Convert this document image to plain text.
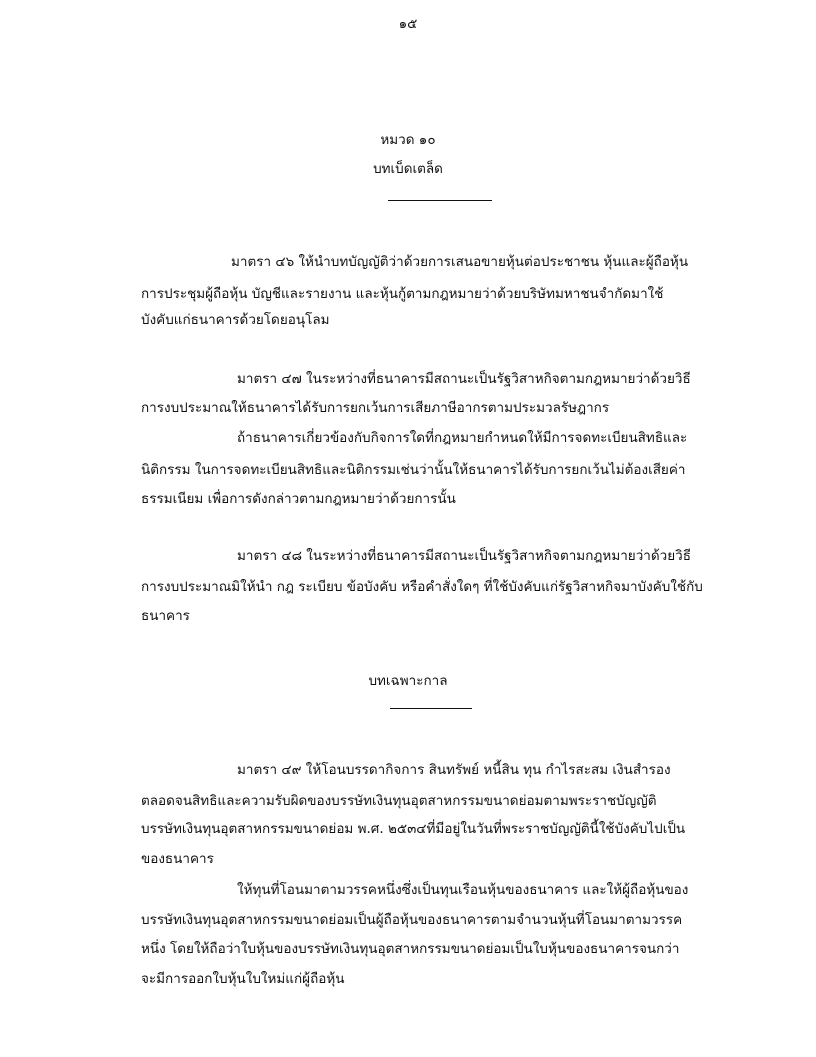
๑๕
หมวด ๑๐
บทเบ็ดเตล็ด
มาตรา ๔๖ ให้นำบทบัญญัติว่าด้วยการเสนอขายหุ้นต่อประชาชน หุ้นและผู้ถือหุ้น
การประชุมผู้ถือหุ้น บัญชีและรายงาน และหุ้นกู้ตามกฎหมายว่าด้วยบริษัทมหาชนจำกัดมาใช้
บังคับแก่ธนาคารด้วยโดยอนุโลม
มาตรา ๔๗ ในระหว่างที่ธนาคารมีสถานะเป็นรัฐวิสาหกิจตามกฎหมายว่าด้วยวิธี
การงบประมาณให้ธนาคารได้รับการยกเว้นการเสียภาษีอากรตามประมวลรัษฎากร
ถ้าธนาคารเกี่ยวข้องกับกิจการใดที่กฎหมายกำหนดให้มีการจดทะเบียนสิทธิและ
นิติกรรม ในการจดทะเบียนสิทธิและนิติกรรมเช่นว่านั้นให้ธนาคารได้รับการยกเว้นไม่ต้องเสียค่า
ธรรมเนียม เพื่อการดังกล่าวตามกฎหมายว่าด้วยการนั้น
มาตรา ๔๘ ในระหว่างที่ธนาคารมีสถานะเป็นรัฐวิสาหกิจตามกฎหมายว่าด้วยวิธี
การงบประมาณมิให้นำ กฎ ระเบียบ ข้อบังคับ หรือคำสั่งใดๆ ที่ใช้บังคับแก่รัฐวิสาหกิจมาบังคับใช้กับ
ธนาคาร
บทเฉพาะกาล
มาตรา ๔๙ ให้โอนบรรดากิจการ สินทรัพย์ หนี้สิน ทุน กำไรสะสม เงินสำรอง
ตลอดจนสิทธิและความรับผิดของบรรษัทเงินทุนอุตสาหกรรมขนาดย่อมตามพระราชบัญญัติ
บรรษัทเงินทุนอุตสาหกรรมขนาดย่อม พ.ศ. ๒๕๓๔ที่มีอยู่ในวันที่พระราชบัญญัตินี้ใช้บังคับไปเป็น
ของธนาคาร
ให้ทุนที่โอนมาตามวรรคหนึ่งซึ่งเป็นทุนเรือนหุ้นของธนาคาร และให้ผู้ถือหุ้นของ
บรรษัทเงินทุนอุตสาหกรรมขนาดย่อมเป็นผู้ถือหุ้นของธนาคารตามจำนวนหุ้นที่โอนมาตามวรรค
หนึ่ง โดยให้ถือว่าใบหุ้นของบรรษัทเงินทุนอุตสาหกรรมขนาดย่อมเป็นใบหุ้นของธนาคารจนกว่า
จะมีการออกใบหุ้นใบใหม่แก่ผู้ถือหุ้น
